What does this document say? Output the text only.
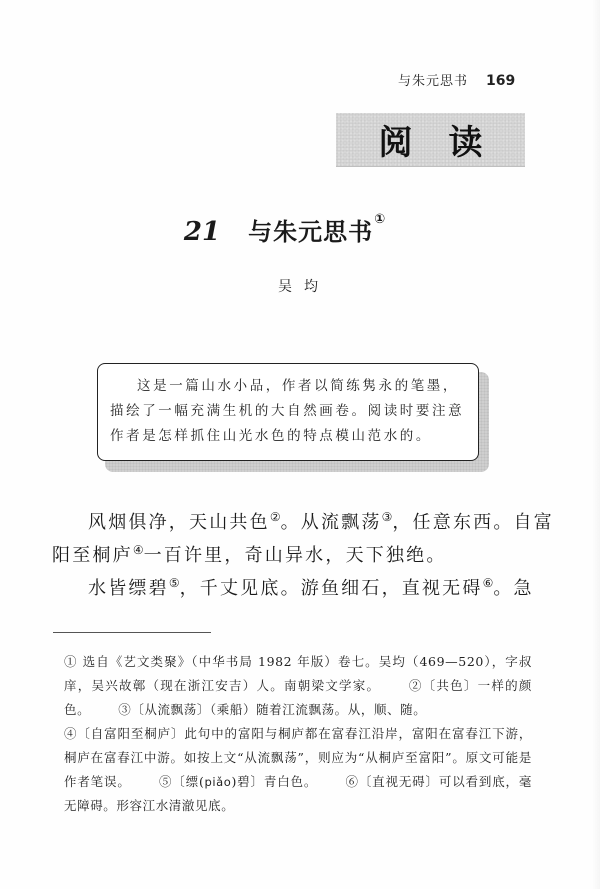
与朱元思书 169
阅读
21 与朱元思书①
吴均

这是一篇山水小品，作者以简练隽永的笔墨，描绘了一幅充满生机的大自然画卷。阅读时要注意作者是怎样抓住山光水色的特点模山范水的。

风烟俱净，天山共色②。从流飘荡③，任意东西。自富阳至桐庐④一百许里，奇山异水，天下独绝。

水皆缥碧⑤，千丈见底。游鱼细石，直视无碍⑥。急

① 选自《艺文类聚》（中华书局 1982 年版）卷七。吴均（469—520），字叔庠，吴兴故鄣（现在浙江安吉）人。南朝梁文学家。 ②〔共色〕一样的颜色。 ③〔从流飘荡〕（乘船）随着江流飘荡。从，顺、随。
④〔自富阳至桐庐〕此句中的富阳与桐庐都在富春江沿岸，富阳在富春江下游，桐庐在富春江中游。如按上文“从流飘荡”，则应为“从桐庐至富阳”。原文可能是作者笔误。 ⑤〔缥(piǎo)碧〕青白色。 ⑥〔直视无碍〕可以看到底，毫无障碍。形容江水清澈见底。
